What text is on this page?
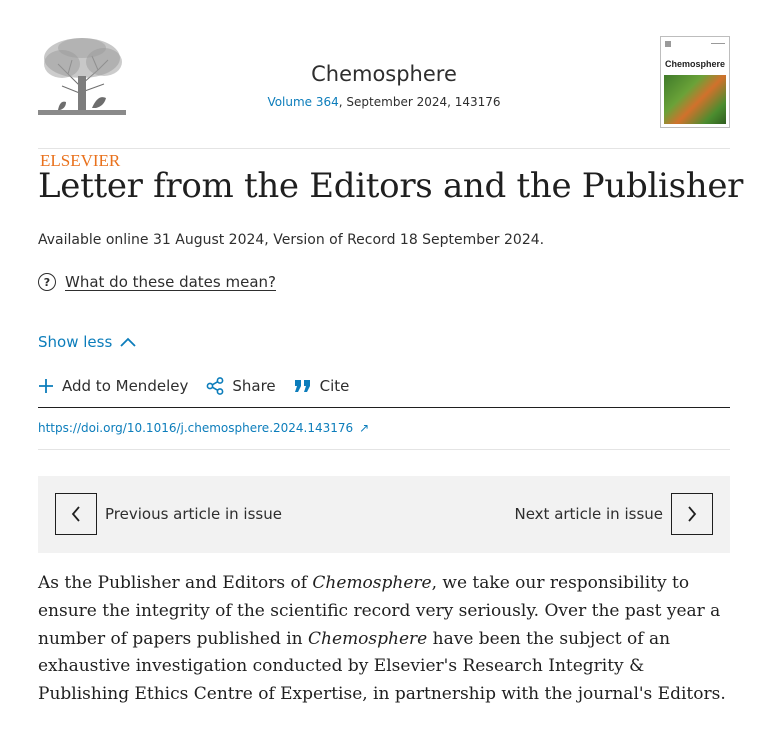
ELSEVIER
Chemosphere
Volume 364, September 2024, 143176
Chemosphere
Letter from the Editors and the Publisher
Available online 31 August 2024, Version of Record 18 September 2024.
? What do these dates mean?
Show less
Add to Mendeley	Share	Cite
https://doi.org/10.1016/j.chemosphere.2024.143176 ↗
Previous article in issue	Next article in issue

As the Publisher and Editors of Chemosphere, we take our responsibility to ensure the integrity of the scientific record very seriously. Over the past year a number of papers published in Chemosphere have been the subject of an exhaustive investigation conducted by Elsevier's Research Integrity & Publishing Ethics Centre of Expertise, in partnership with the journal's Editors.
